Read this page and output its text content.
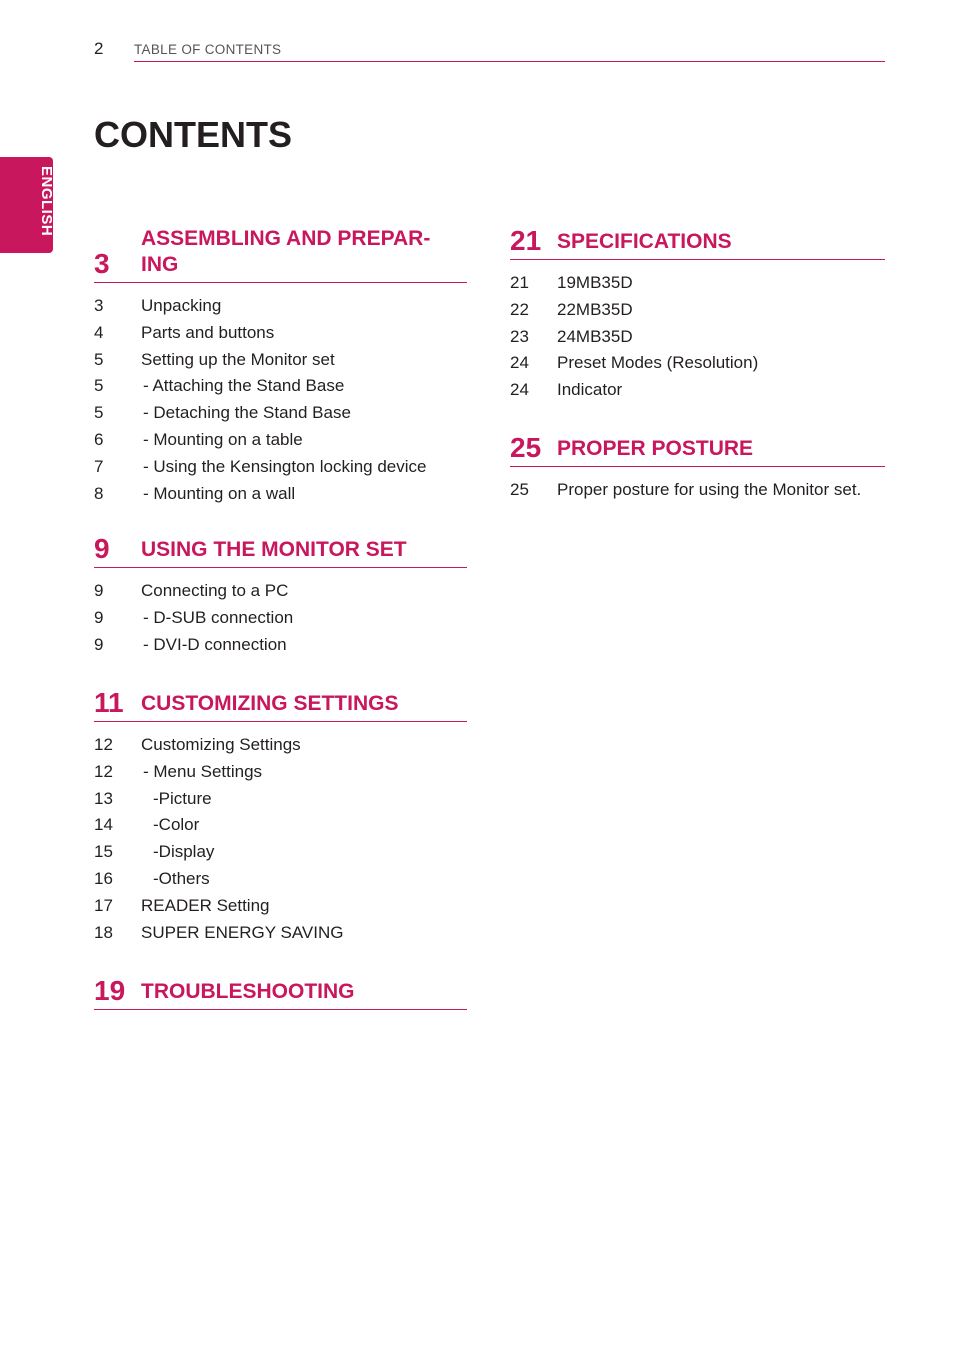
2 TABLE OF CONTENTS
CONTENTS
ENGLISH
3
ASSEMBLING AND PREPAR-
ING
3 Unpacking
4 Parts and buttons
5 Setting up the Monitor set
5 - Attaching the Stand Base
5 - Detaching the Stand Base
6 - Mounting on a table
7 - Using the Kensington locking device
8 - Mounting on a wall
9 USING THE MONITOR SET
9 Connecting to a PC
9 - D-SUB connection
9 - DVI-D connection
11 CUSTOMIZING SETTINGS
12 Customizing Settings
12 - Menu Settings
13 -Picture
14 -Color
15 -Display
16 -Others
17 READER Setting
18 SUPER ENERGY SAVING
19 TROUBLESHOOTING
21 SPECIFICATIONS
21 19MB35D
22 22MB35D
23 24MB35D
24 Preset Modes (Resolution)
24 Indicator
25 PROPER POSTURE
25 Proper posture for using the Monitor set.
